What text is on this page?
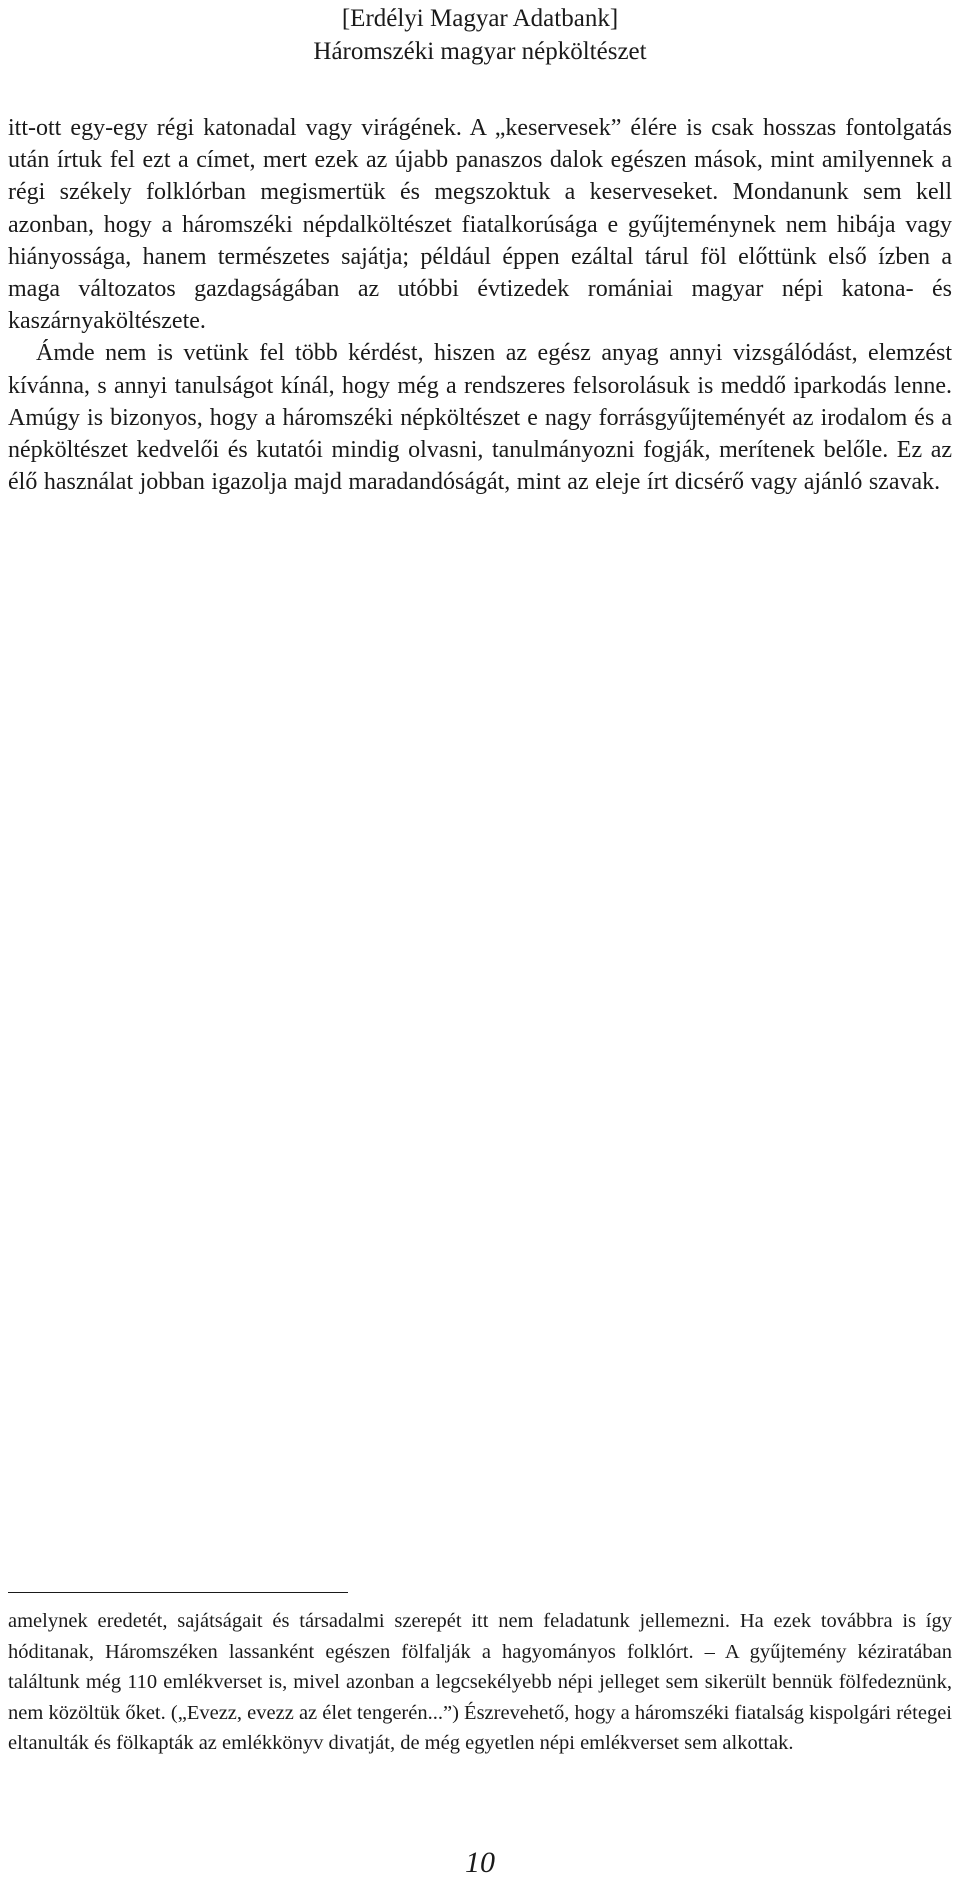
[Erdélyi Magyar Adatbank]
Háromszéki magyar népköltészet

itt-ott egy-egy régi katonadal vagy virágének. A „keservesek” élére is csak hosszas fontolgatás után írtuk fel ezt a címet, mert ezek az újabb panaszos dalok egészen mások, mint amilyennek a régi székely folklórban megismertük és megszoktuk a keserveseket. Mondanunk sem kell azonban, hogy a háromszéki népdalköltészet fiatalkorúsága e gyűjteménynek nem hibája vagy hiányossága, hanem természetes sajátja; például éppen ezáltal tárul föl előttünk első ízben a maga változatos gazdagságában az utóbbi évtizedek romániai magyar népi katona- és kaszárnyaköltészete.

Ámde nem is vetünk fel több kérdést, hiszen az egész anyag annyi vizsgálódást, elemzést kívánna, s annyi tanulságot kínál, hogy még a rendszeres felsorolásuk is meddő iparkodás lenne. Amúgy is bizonyos, hogy a háromszéki népköltészet e nagy forrásgyűjteményét az irodalom és a népköltészet kedvelői és kutatói mindig olvasni, tanulmányozni fogják, merítenek belőle. Ez az élő használat jobban igazolja majd maradandóságát, mint az eleje írt dicsérő vagy ajánló szavak.

amelynek eredetét, sajátságait és társadalmi szerepét itt nem feladatunk jellemezni. Ha ezek továbbra is így hóditanak, Háromszéken lassanként egészen fölfalják a hagyományos folklórt. – A gyűjtemény kéziratában találtunk még 110 emlékverset is, mivel azonban a legcsekélyebb népi jelleget sem sikerült bennük fölfedeznünk, nem közöltük őket. („Evezz, evezz az élet tengerén...”) Észrevehető, hogy a háromszéki fiatalság kispolgári rétegei eltanulták és fölkapták az emlékkönyv divatját, de még egyetlen népi emlékverset sem alkottak.

10
